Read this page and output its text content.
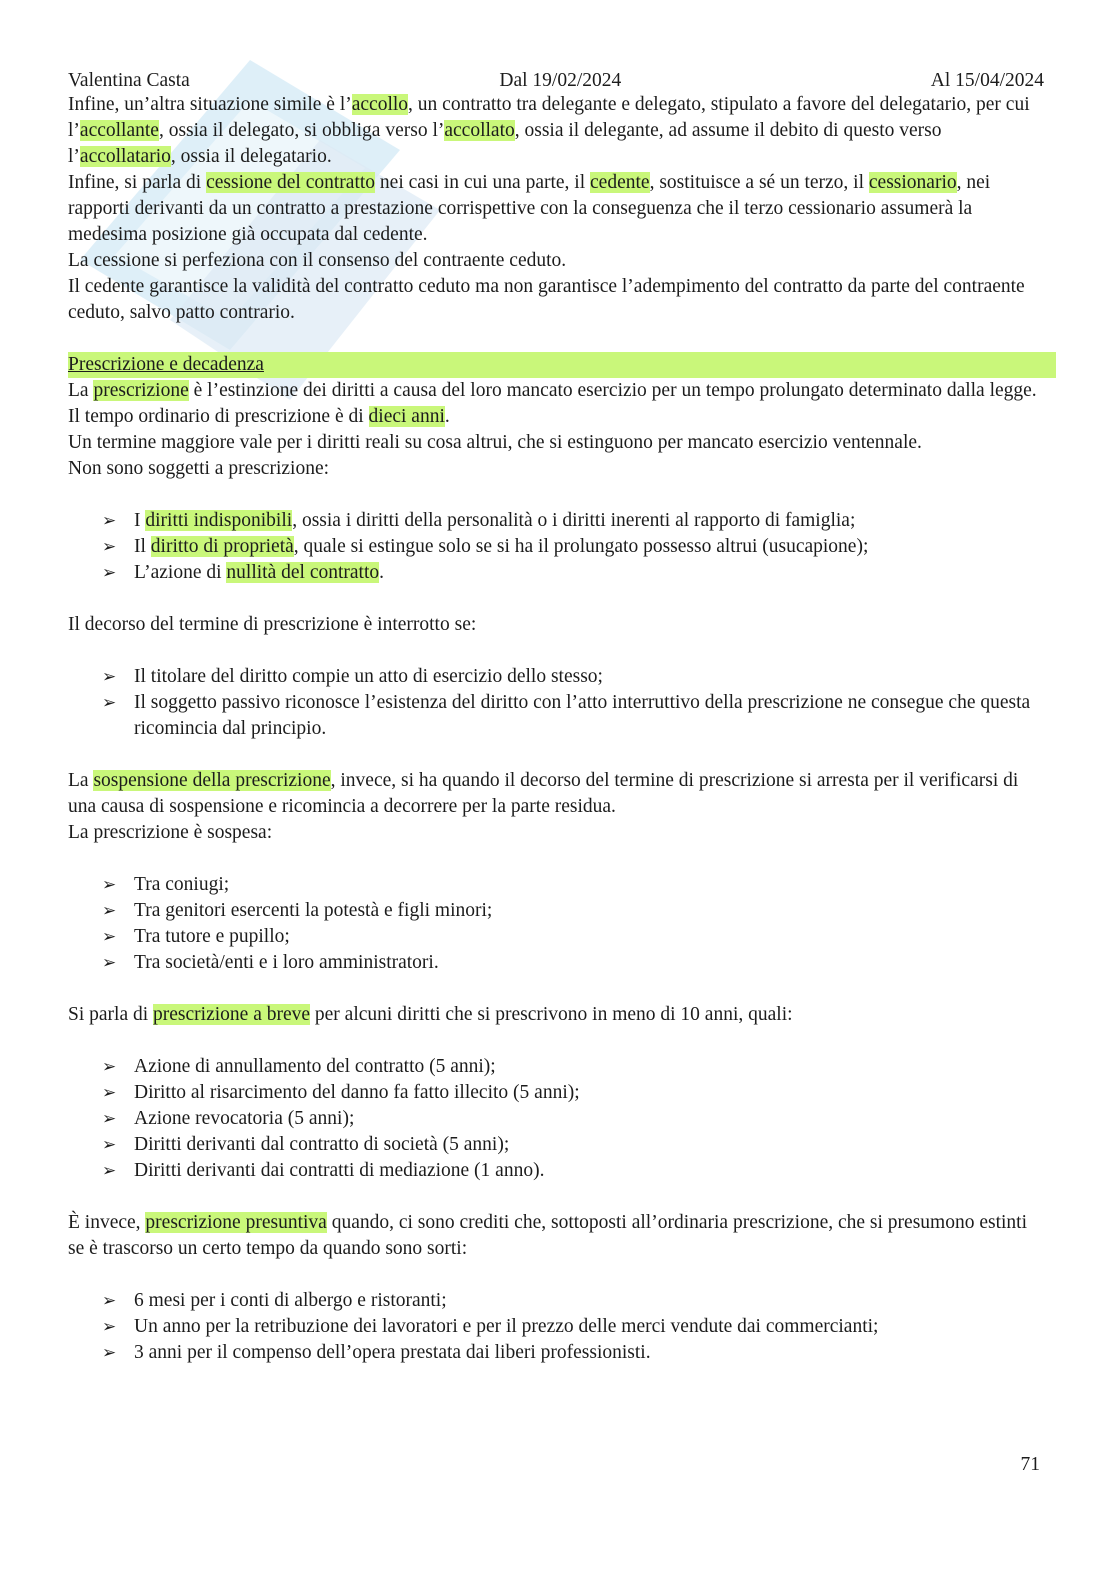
Valentina Casta	Dal 19/02/2024	Al 15/04/2024

Infine, un’altra situazione simile è l’accollo, un contratto tra delegante e delegato, stipulato a favore del delegatario, per cui l’accollante, ossia il delegato, si obbliga verso l’accollato, ossia il delegante, ad assume il debito di questo verso l’accollatario, ossia il delegatario.

Infine, si parla di cessione del contratto nei casi in cui una parte, il cedente, sostituisce a sé un terzo, il cessionario, nei rapporti derivanti da un contratto a prestazione corrispettive con la conseguenza che il terzo cessionario assumerà la medesima posizione già occupata dal cedente.

La cessione si perfeziona con il consenso del contraente ceduto.

Il cedente garantisce la validità del contratto ceduto ma non garantisce l’adempimento del contratto da parte del contraente ceduto, salvo patto contrario.

Prescrizione e decadenza

La prescrizione è l’estinzione dei diritti a causa del loro mancato esercizio per un tempo prolungato determinato dalla legge.

Il tempo ordinario di prescrizione è di dieci anni.

Un termine maggiore vale per i diritti reali su cosa altrui, che si estinguono per mancato esercizio ventennale.

Non sono soggetti a prescrizione:

➢ I diritti indisponibili, ossia i diritti della personalità o i diritti inerenti al rapporto di famiglia;
➢ Il diritto di proprietà, quale si estingue solo se si ha il prolungato possesso altrui (usucapione);
➢ L’azione di nullità del contratto.

Il decorso del termine di prescrizione è interrotto se:

➢ Il titolare del diritto compie un atto di esercizio dello stesso;
➢ Il soggetto passivo riconosce l’esistenza del diritto con l’atto interruttivo della prescrizione ne consegue che questa ricomincia dal principio.

La sospensione della prescrizione, invece, si ha quando il decorso del termine di prescrizione si arresta per il verificarsi di una causa di sospensione e ricomincia a decorrere per la parte residua.

La prescrizione è sospesa:

➢ Tra coniugi;
➢ Tra genitori esercenti la potestà e figli minori;
➢ Tra tutore e pupillo;
➢ Tra società/enti e i loro amministratori.

Si parla di prescrizione a breve per alcuni diritti che si prescrivono in meno di 10 anni, quali:

➢ Azione di annullamento del contratto (5 anni);
➢ Diritto al risarcimento del danno fa fatto illecito (5 anni);
➢ Azione revocatoria (5 anni);
➢ Diritti derivanti dal contratto di società (5 anni);
➢ Diritti derivanti dai contratti di mediazione (1 anno).

È invece, prescrizione presuntiva quando, ci sono crediti che, sottoposti all’ordinaria prescrizione, che si presumono estinti se è trascorso un certo tempo da quando sono sorti:

➢ 6 mesi per i conti di albergo e ristoranti;
➢ Un anno per la retribuzione dei lavoratori e per il prezzo delle merci vendute dai commercianti;
➢ 3 anni per il compenso dell’opera prestata dai liberi professionisti.
71
